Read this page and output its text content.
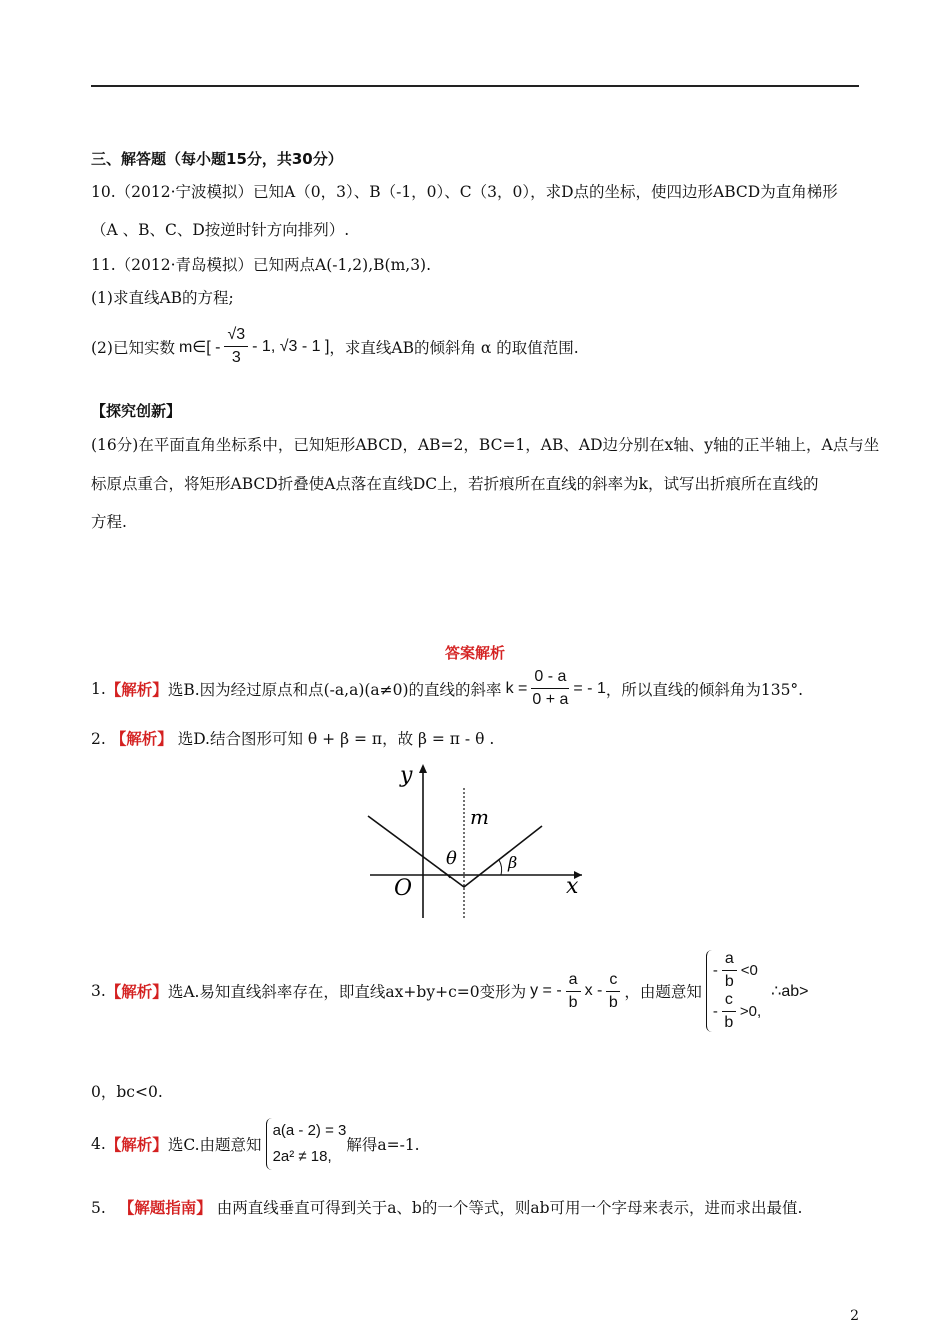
三、解答题（每小题15分，共30分）
10.（2012·宁波模拟）已知A（0，3）、B（-1，0）、C（3，0），求D点的坐标，使四边形ABCD为直角梯形
（A 、B、C、D按逆时针方向排列）.
11.（2012·青岛模拟）已知两点A(-1,2),B(m,3).
(1)求直线AB的方程;
(2)已知实数 m∈[ - $\frac{√3}{3} - 1$, √3 - 1 ] ，求直线AB的倾斜角 α 的取值范围.
【探究创新】
(16分)在平面直角坐标系中，已知矩形ABCD，AB=2，BC=1，AB、AD边分别在x轴、y轴的正半轴上，A点与坐
标原点重合，将矩形ABCD折叠使A点落在直线DC上，若折痕所在直线的斜率为k，试写出折痕所在直线的
方程.
答案解析
1. 【解析】 选B.因为经过原点和点(-a,a)(a≠0)的直线的斜率 $k = \frac{0 - a}{0 + a}$ = - 1 ，所以直线的倾斜角为135°.
2. 【解析】 选D.结合图形可知 θ + β = π，故 β = π - θ .
y
x
O
m
θ	β
3. 【解析】 选A.易知直线斜率存在，即直线ax+by+c=0变形为 y = - $\frac{a}{b}$ x - $\frac{c}{b}$ ，由题意知
- $\frac{a}{b} <0$
- $\frac{c}{b} >0$,
∴ab>
0，bc<0.
4. 【解析】 选C.由题意知
a(a - 2) = 3
2a² ≠ 18,
解得a=-1.
5. 【解题指南】 由两直线垂直可得到关于a、b的一个等式，则ab可用一个字母来表示，进而求出最值.
2
